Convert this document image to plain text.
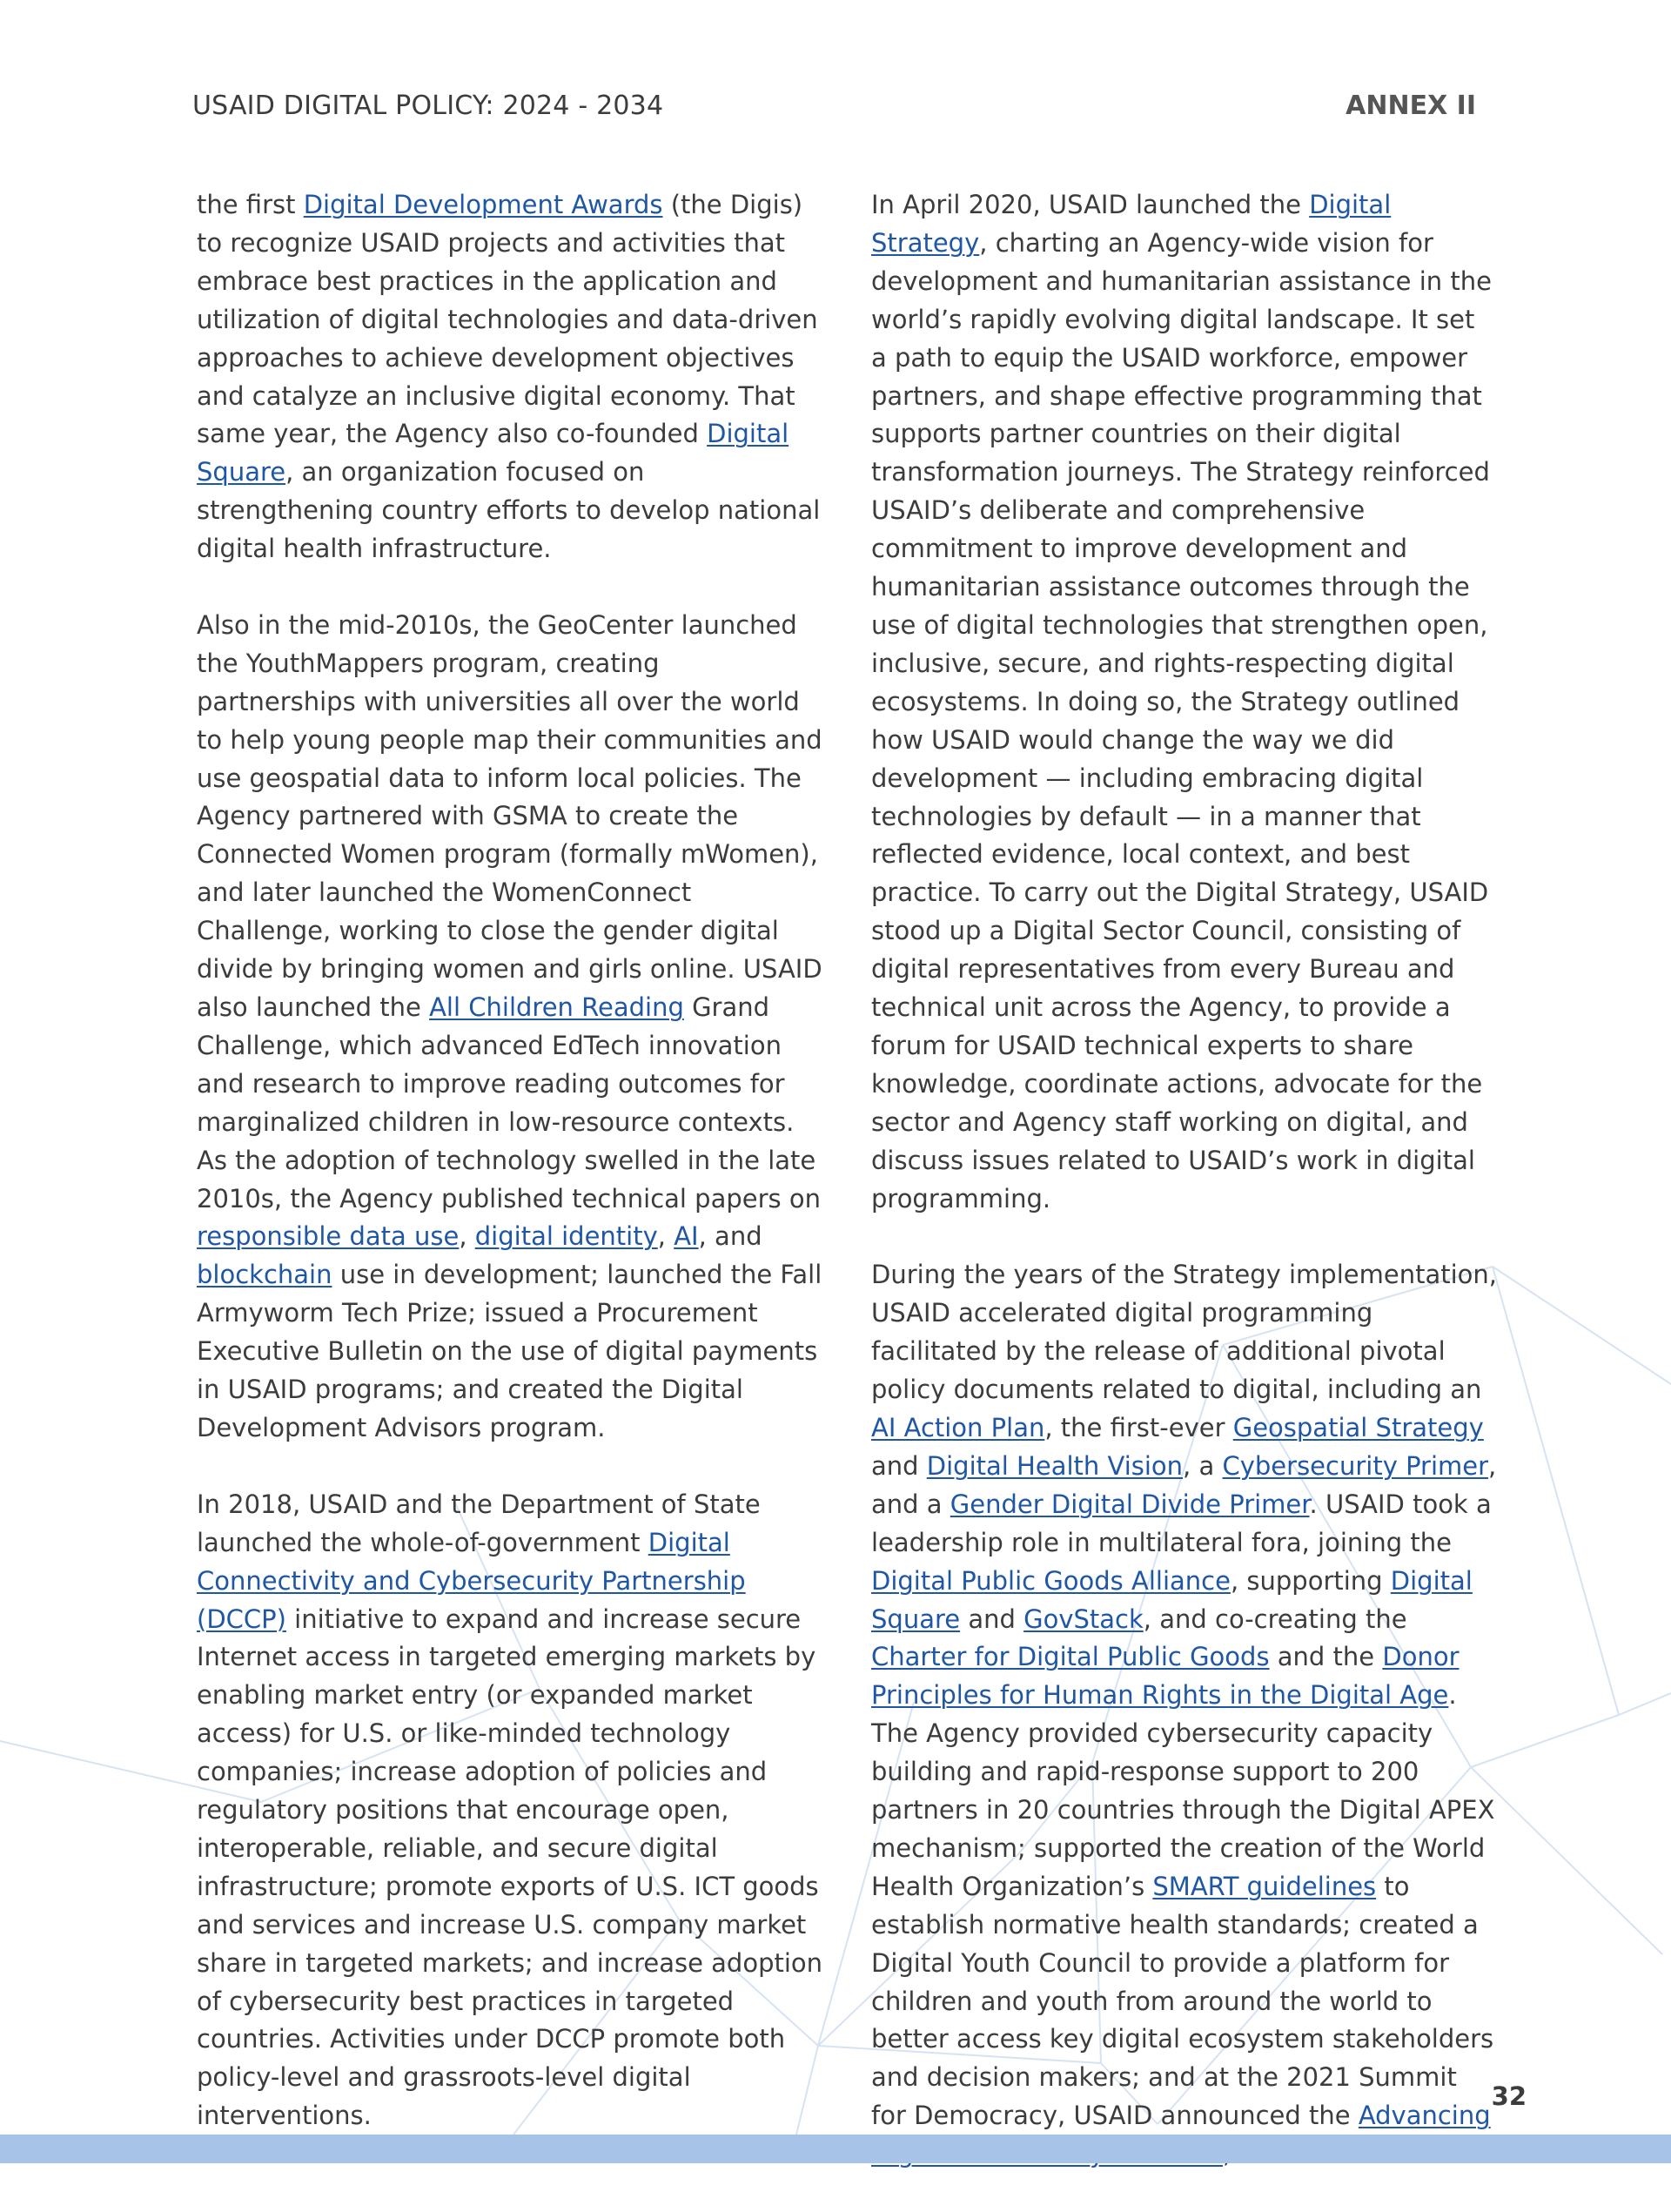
USAID DIGITAL POLICY: 2024 - 2034	ANNEX II

the first Digital Development Awards (the Digis) to recognize USAID projects and activities that embrace best practices in the application and utilization of digital technologies and data-driven approaches to achieve development objectives and catalyze an inclusive digital economy. That same year, the Agency also co-founded Digital Square, an organization focused on strengthening country efforts to develop national digital health infrastructure.

Also in the mid-2010s, the GeoCenter launched the YouthMappers program, creating partnerships with universities all over the world to help young people map their communities and use geospatial data to inform local policies. The Agency partnered with GSMA to create the Connected Women program (formally mWomen), and later launched the WomenConnect Challenge, working to close the gender digital divide by bringing women and girls online. USAID also launched the All Children Reading Grand Challenge, which advanced EdTech innovation and research to improve reading outcomes for marginalized children in low-resource contexts. As the adoption of technology swelled in the late 2010s, the Agency published technical papers on responsible data use, digital identity, AI, and blockchain use in development; launched the Fall Armyworm Tech Prize; issued a Procurement Executive Bulletin on the use of digital payments in USAID programs; and created the Digital Development Advisors program.

In 2018, USAID and the Department of State launched the whole-of-government Digital Connectivity and Cybersecurity Partnership (DCCP) initiative to expand and increase secure Internet access in targeted emerging markets by enabling market entry (or expanded market access) for U.S. or like-minded technology companies; increase adoption of policies and regulatory positions that encourage open, interoperable, reliable, and secure digital infrastructure; promote exports of U.S. ICT goods and services and increase U.S. company market share in targeted markets; and increase adoption of cybersecurity best practices in targeted countries. Activities under DCCP promote both policy-level and grassroots-level digital interventions.

In April 2020, USAID launched the Digital Strategy, charting an Agency-wide vision for development and humanitarian assistance in the world’s rapidly evolving digital landscape. It set a path to equip the USAID workforce, empower partners, and shape effective programming that supports partner countries on their digital transformation journeys. The Strategy reinforced USAID’s deliberate and comprehensive commitment to improve development and humanitarian assistance outcomes through the use of digital technologies that strengthen open, inclusive, secure, and rights-respecting digital ecosystems. In doing so, the Strategy outlined how USAID would change the way we did development — including embracing digital technologies by default — in a manner that reflected evidence, local context, and best practice. To carry out the Digital Strategy, USAID stood up a Digital Sector Council, consisting of digital representatives from every Bureau and technical unit across the Agency, to provide a forum for USAID technical experts to share knowledge, coordinate actions, advocate for the sector and Agency staff working on digital, and discuss issues related to USAID’s work in digital programming.

During the years of the Strategy implementation, USAID accelerated digital programming facilitated by the release of additional pivotal policy documents related to digital, including an AI Action Plan, the first-ever Geospatial Strategy and Digital Health Vision, a Cybersecurity Primer, and a Gender Digital Divide Primer. USAID took a leadership role in multilateral fora, joining the Digital Public Goods Alliance, supporting Digital Square and GovStack, and co-creating the Charter for Digital Public Goods and the Donor Principles for Human Rights in the Digital Age. The Agency provided cybersecurity capacity building and rapid-response support to 200 partners in 20 countries through the Digital APEX mechanism; supported the creation of the World Health Organization’s SMART guidelines to establish normative health standards; created a Digital Youth Council to provide a platform for children and youth from around the world to better access key digital ecosystem stakeholders and decision makers; and at the 2021 Summit for Democracy, USAID announced the Advancing

32
